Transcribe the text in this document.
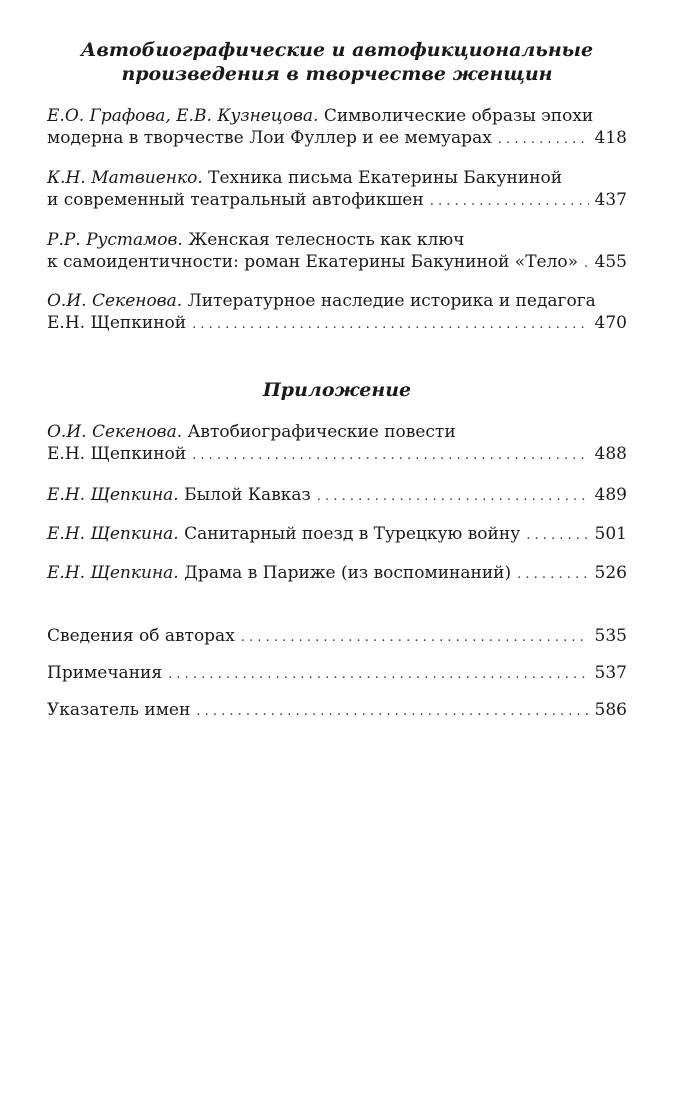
Автобиографические и автофикциональные
произведения в творчестве женщин
Е.О. Графова, Е.В. Кузнецова. Символические образы эпохи
модерна в творчестве Лои Фуллер и ее мемуарах . . .	418
К.Н. Матвиенко. Техника письма Екатерины Бакуниной
и современный театральный автофикшен . . .	437
Р.Р. Рустамов. Женская телесность как ключ
к самоидентичности: роман Екатерины Бакуниной «Тело» . . . 455
О.И. Секенова. Литературное наследие историка и педагога
Е.Н. Щепкиной . . .	470
Приложение
О.И. Секенова. Автобиографические повести
Е.Н. Щепкиной . . .	488
Е.Н. Щепкина.
Былой Кавказ . . .	489
Е.Н. Щепкина.
Санитарный поезд в Турецкую войну . . .	501
Е.Н. Щепкина.
Драма в Париже (из воспоминаний) . . .	526
Сведения об авторах . . .	535
Примечания . . .	537
Указатель имен . . .	586
